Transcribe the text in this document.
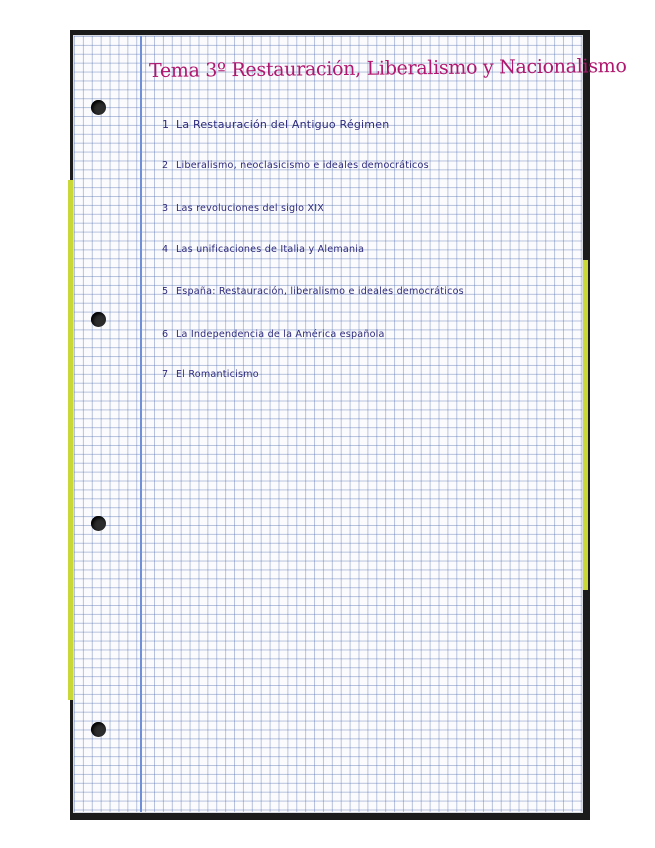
Tema 3º Restauración, Liberalismo y Nacionalismo
1 La Restauración del Antiguo Régimen
2 Liberalismo, neoclasicismo e ideales democráticos
3 Las revoluciones del siglo XIX
4 Las unificaciones de Italia y Alemania
5 España: Restauración, liberalismo e ideales democráticos
6 La Independencia de la América española
7 El Romanticismo
